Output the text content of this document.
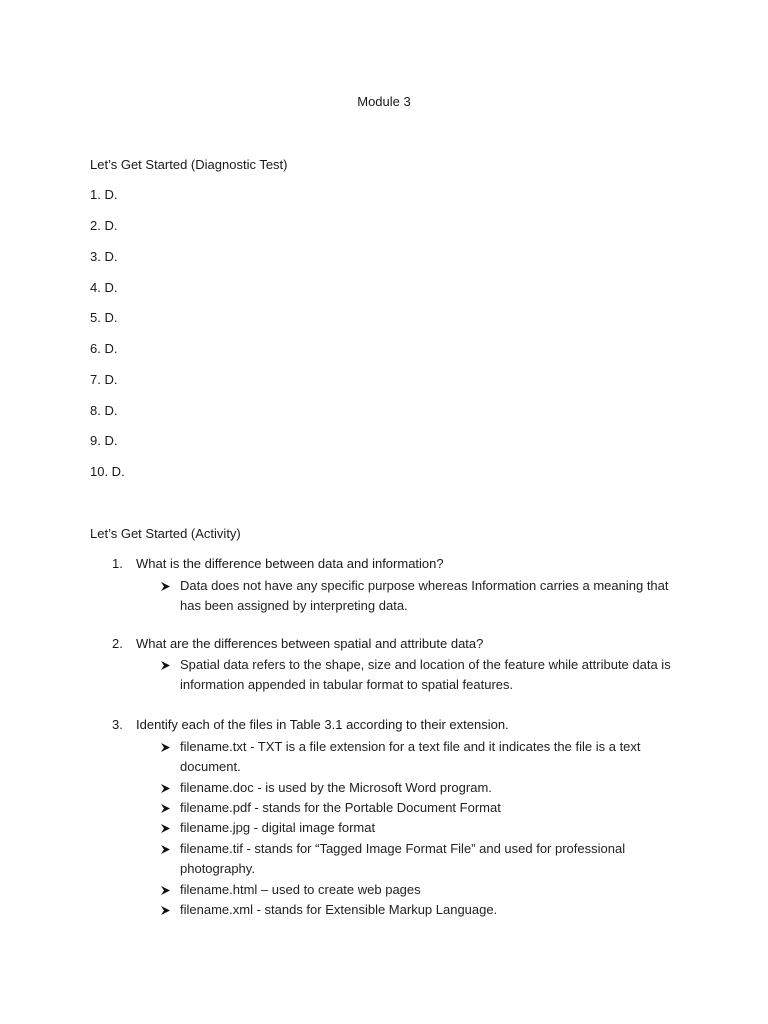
Module 3
Let’s Get Started (Diagnostic Test)
1. D.
2. D.
3. D.
4. D.
5. D.
6. D.
7. D.
8. D.
9. D.
10. D.
Let’s Get Started (Activity)
1. What is the difference between data and information?
Data does not have any specific purpose whereas Information carries a meaning that has been assigned by interpreting data.
2. What are the differences between spatial and attribute data?
Spatial data refers to the shape, size and location of the feature while attribute data is information appended in tabular format to spatial features.
3. Identify each of the files in Table 3.1 according to their extension.
filename.txt - TXT is a file extension for a text file and it indicates the file is a text document.
filename.doc - is used by the Microsoft Word program.
filename.pdf - stands for the Portable Document Format
filename.jpg - digital image format
filename.tif - stands for “Tagged Image Format File” and used for professional photography.
filename.html – used to create web pages
filename.xml - stands for Extensible Markup Language.
